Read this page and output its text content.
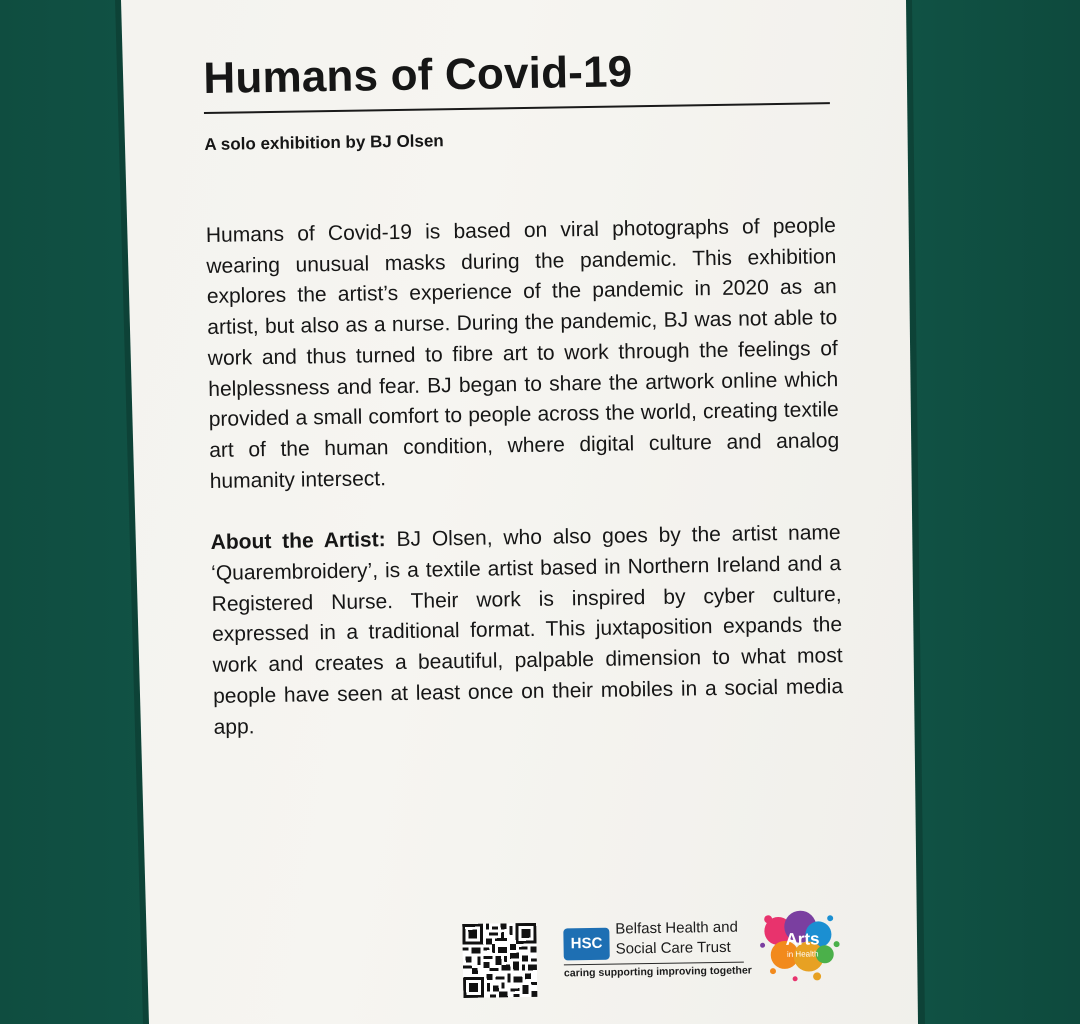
Humans of Covid-19
A solo exhibition by BJ Olsen

Humans of Covid-19 is based on viral photographs of people wearing unusual masks during the pandemic. This exhibition explores the artist’s experience of the pandemic in 2020 as an artist, but also as a nurse. During the pandemic, BJ was not able to work and thus turned to fibre art to work through the feelings of helplessness and fear. BJ began to share the artwork online which provided a small comfort to people across the world, creating textile art of the human condition, where digital culture and analog humanity intersect.

About the Artist: BJ Olsen, who also goes by the artist name ‘Quarembroidery’, is a textile artist based in Northern Ireland and a Registered Nurse. Their work is inspired by cyber culture, expressed in a traditional format. This juxtaposition expands the work and creates a beautiful, palpable dimension to what most people have seen at least once on their mobiles in a social media app.

HSC
Belfast Health and
Social Care Trust
caring supporting improving together
Arts
in Health
